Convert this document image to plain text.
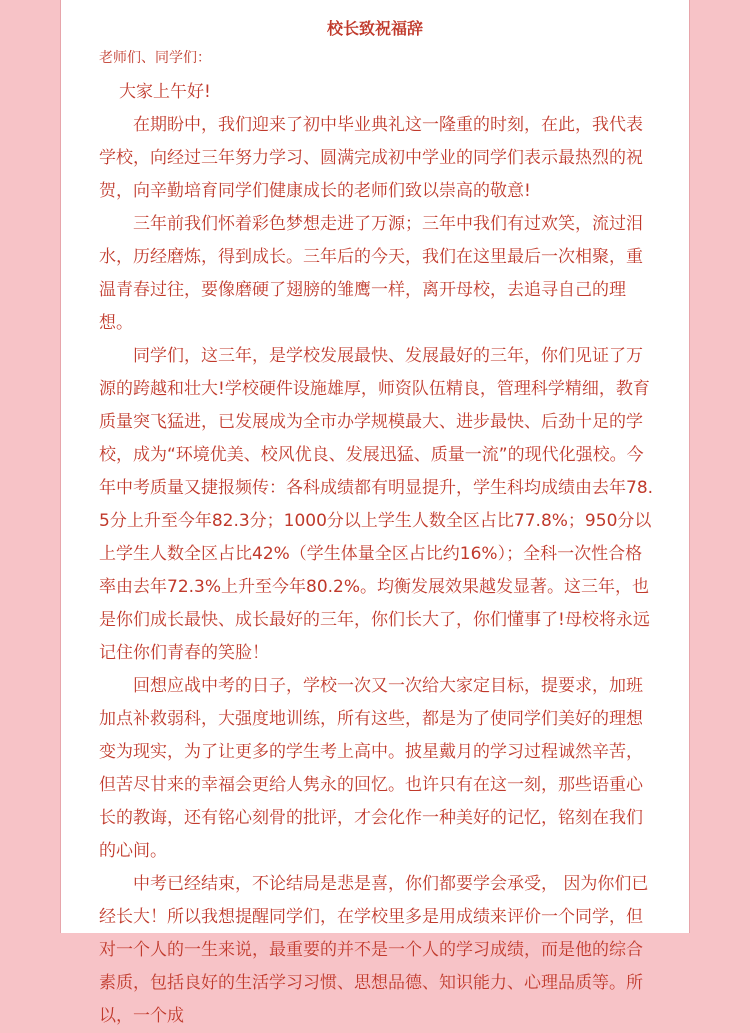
校长致祝福辞
老师们、同学们：

大家上午好!

在期盼中，我们迎来了初中毕业典礼这一隆重的时刻，在此，我代表学校，向经过三年努力学习、圆满完成初中学业的同学们表示最热烈的祝贺，向辛勤培育同学们健康成长的老师们致以崇高的敬意!

三年前我们怀着彩色梦想走进了万源；三年中我们有过欢笑，流过泪水，历经磨炼，得到成长。三年后的今天，我们在这里最后一次相聚，重温青春过往，要像磨硬了翅膀的雏鹰一样，离开母校，去追寻自己的理想。

同学们，这三年，是学校发展最快、发展最好的三年，你们见证了万源的跨越和壮大!学校硬件设施雄厚，师资队伍精良，管理科学精细，教育质量突飞猛进，已发展成为全市办学规模最大、进步最快、后劲十足的学校，成为“环境优美、校风优良、发展迅猛、质量一流”的现代化强校。今年中考质量又捷报频传：各科成绩都有明显提升，学生科均成绩由去年78.5分上升至今年82.3分；1000分以上学生人数全区占比77.8%；950分以上学生人数全区占比42%（学生体量全区占比约16%）；全科一次性合格率由去年72.3%上升至今年80.2%。均衡发展效果越发显著。这三年，也是你们成长最快、成长最好的三年，你们长大了，你们懂事了!母校将永远记住你们青春的笑脸！

回想应战中考的日子，学校一次又一次给大家定目标，提要求，加班加点补救弱科，大强度地训练，所有这些，都是为了使同学们美好的理想变为现实，为了让更多的学生考上高中。披星戴月的学习过程诚然辛苦，但苦尽甘来的幸福会更给人隽永的回忆。也许只有在这一刻，那些语重心长的教诲，还有铭心刻骨的批评，才会化作一种美好的记忆，铭刻在我们的心间。

中考已经结束，不论结局是悲是喜，你们都要学会承受， 因为你们已经长大！所以我想提醒同学们，在学校里多是用成绩来评价一个同学，但对一个人的一生来说，最重要的并不是一个人的学习成绩，而是他的综合素质，包括良好的生活学习习惯、思想品德、知识能力、心理品质等。所以，一个成
